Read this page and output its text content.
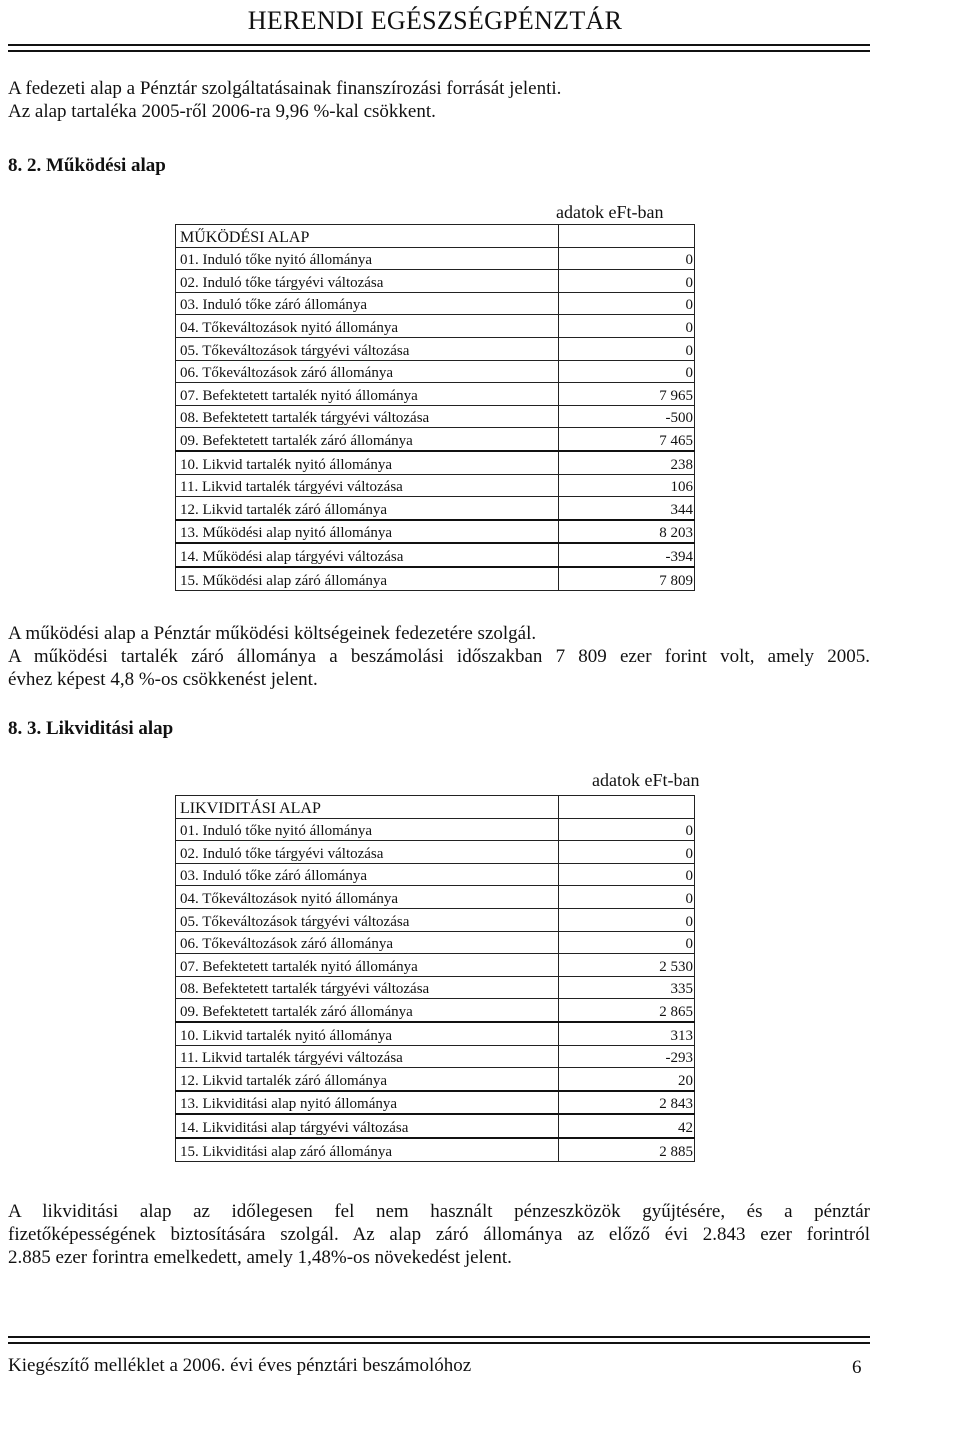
HERENDI EGÉSZSÉGPÉNZTÁR
A fedezeti alap a Pénztár szolgáltatásainak finanszírozási forrását jelenti.
Az alap tartaléka 2005-ről 2006-ra 9,96 %-kal csökkent.
8. 2. Működési alap
adatok eFt-ban
MŰKÖDÉSI ALAP	
01. Induló tőke nyitó állománya	0
02. Induló tőke tárgyévi változása	0
03. Induló tőke záró állománya	0
04. Tőkeváltozások nyitó állománya	0
05. Tőkeváltozások tárgyévi változása	0
06. Tőkeváltozások záró állománya	0
07. Befektetett tartalék nyitó állománya	7 965
08. Befektetett tartalék tárgyévi változása	-500
09. Befektetett tartalék záró állománya	7 465
10. Likvid tartalék nyitó állománya	238
11. Likvid tartalék tárgyévi változása	106
12. Likvid tartalék záró állománya	344
13. Működési alap nyitó állománya	8 203
14. Működési alap tárgyévi változása	-394
15. Működési alap záró állománya	7 809
A működési alap a Pénztár működési költségeinek fedezetére szolgál.
A működési tartalék záró állománya a beszámolási időszakban 7 809 ezer forint volt, amely 2005.
évhez képest 4,8 %-os csökkenést jelent.
8. 3. Likviditási alap
adatok eFt-ban
LIKVIDITÁSI ALAP	
01. Induló tőke nyitó állománya	0
02. Induló tőke tárgyévi változása	0
03. Induló tőke záró állománya	0
04. Tőkeváltozások nyitó állománya	0
05. Tőkeváltozások tárgyévi változása	0
06. Tőkeváltozások záró állománya	0
07. Befektetett tartalék nyitó állománya	2 530
08. Befektetett tartalék tárgyévi változása	335
09. Befektetett tartalék záró állománya	2 865
10. Likvid tartalék nyitó állománya	313
11. Likvid tartalék tárgyévi változása	-293
12. Likvid tartalék záró állománya	20
13. Likviditási alap nyitó állománya	2 843
14. Likviditási alap tárgyévi változása	42
15. Likviditási alap záró állománya	2 885
A likviditási alap az időlegesen fel nem használt pénzeszközök gyűjtésére, és a pénztár
fizetőképességének biztosítására szolgál. Az alap záró állománya az előző évi 2.843 ezer forintról
2.885 ezer forintra emelkedett, amely 1,48%-os növekedést jelent.
Kiegészítő melléklet a 2006. évi éves pénztári beszámolóhoz	6
